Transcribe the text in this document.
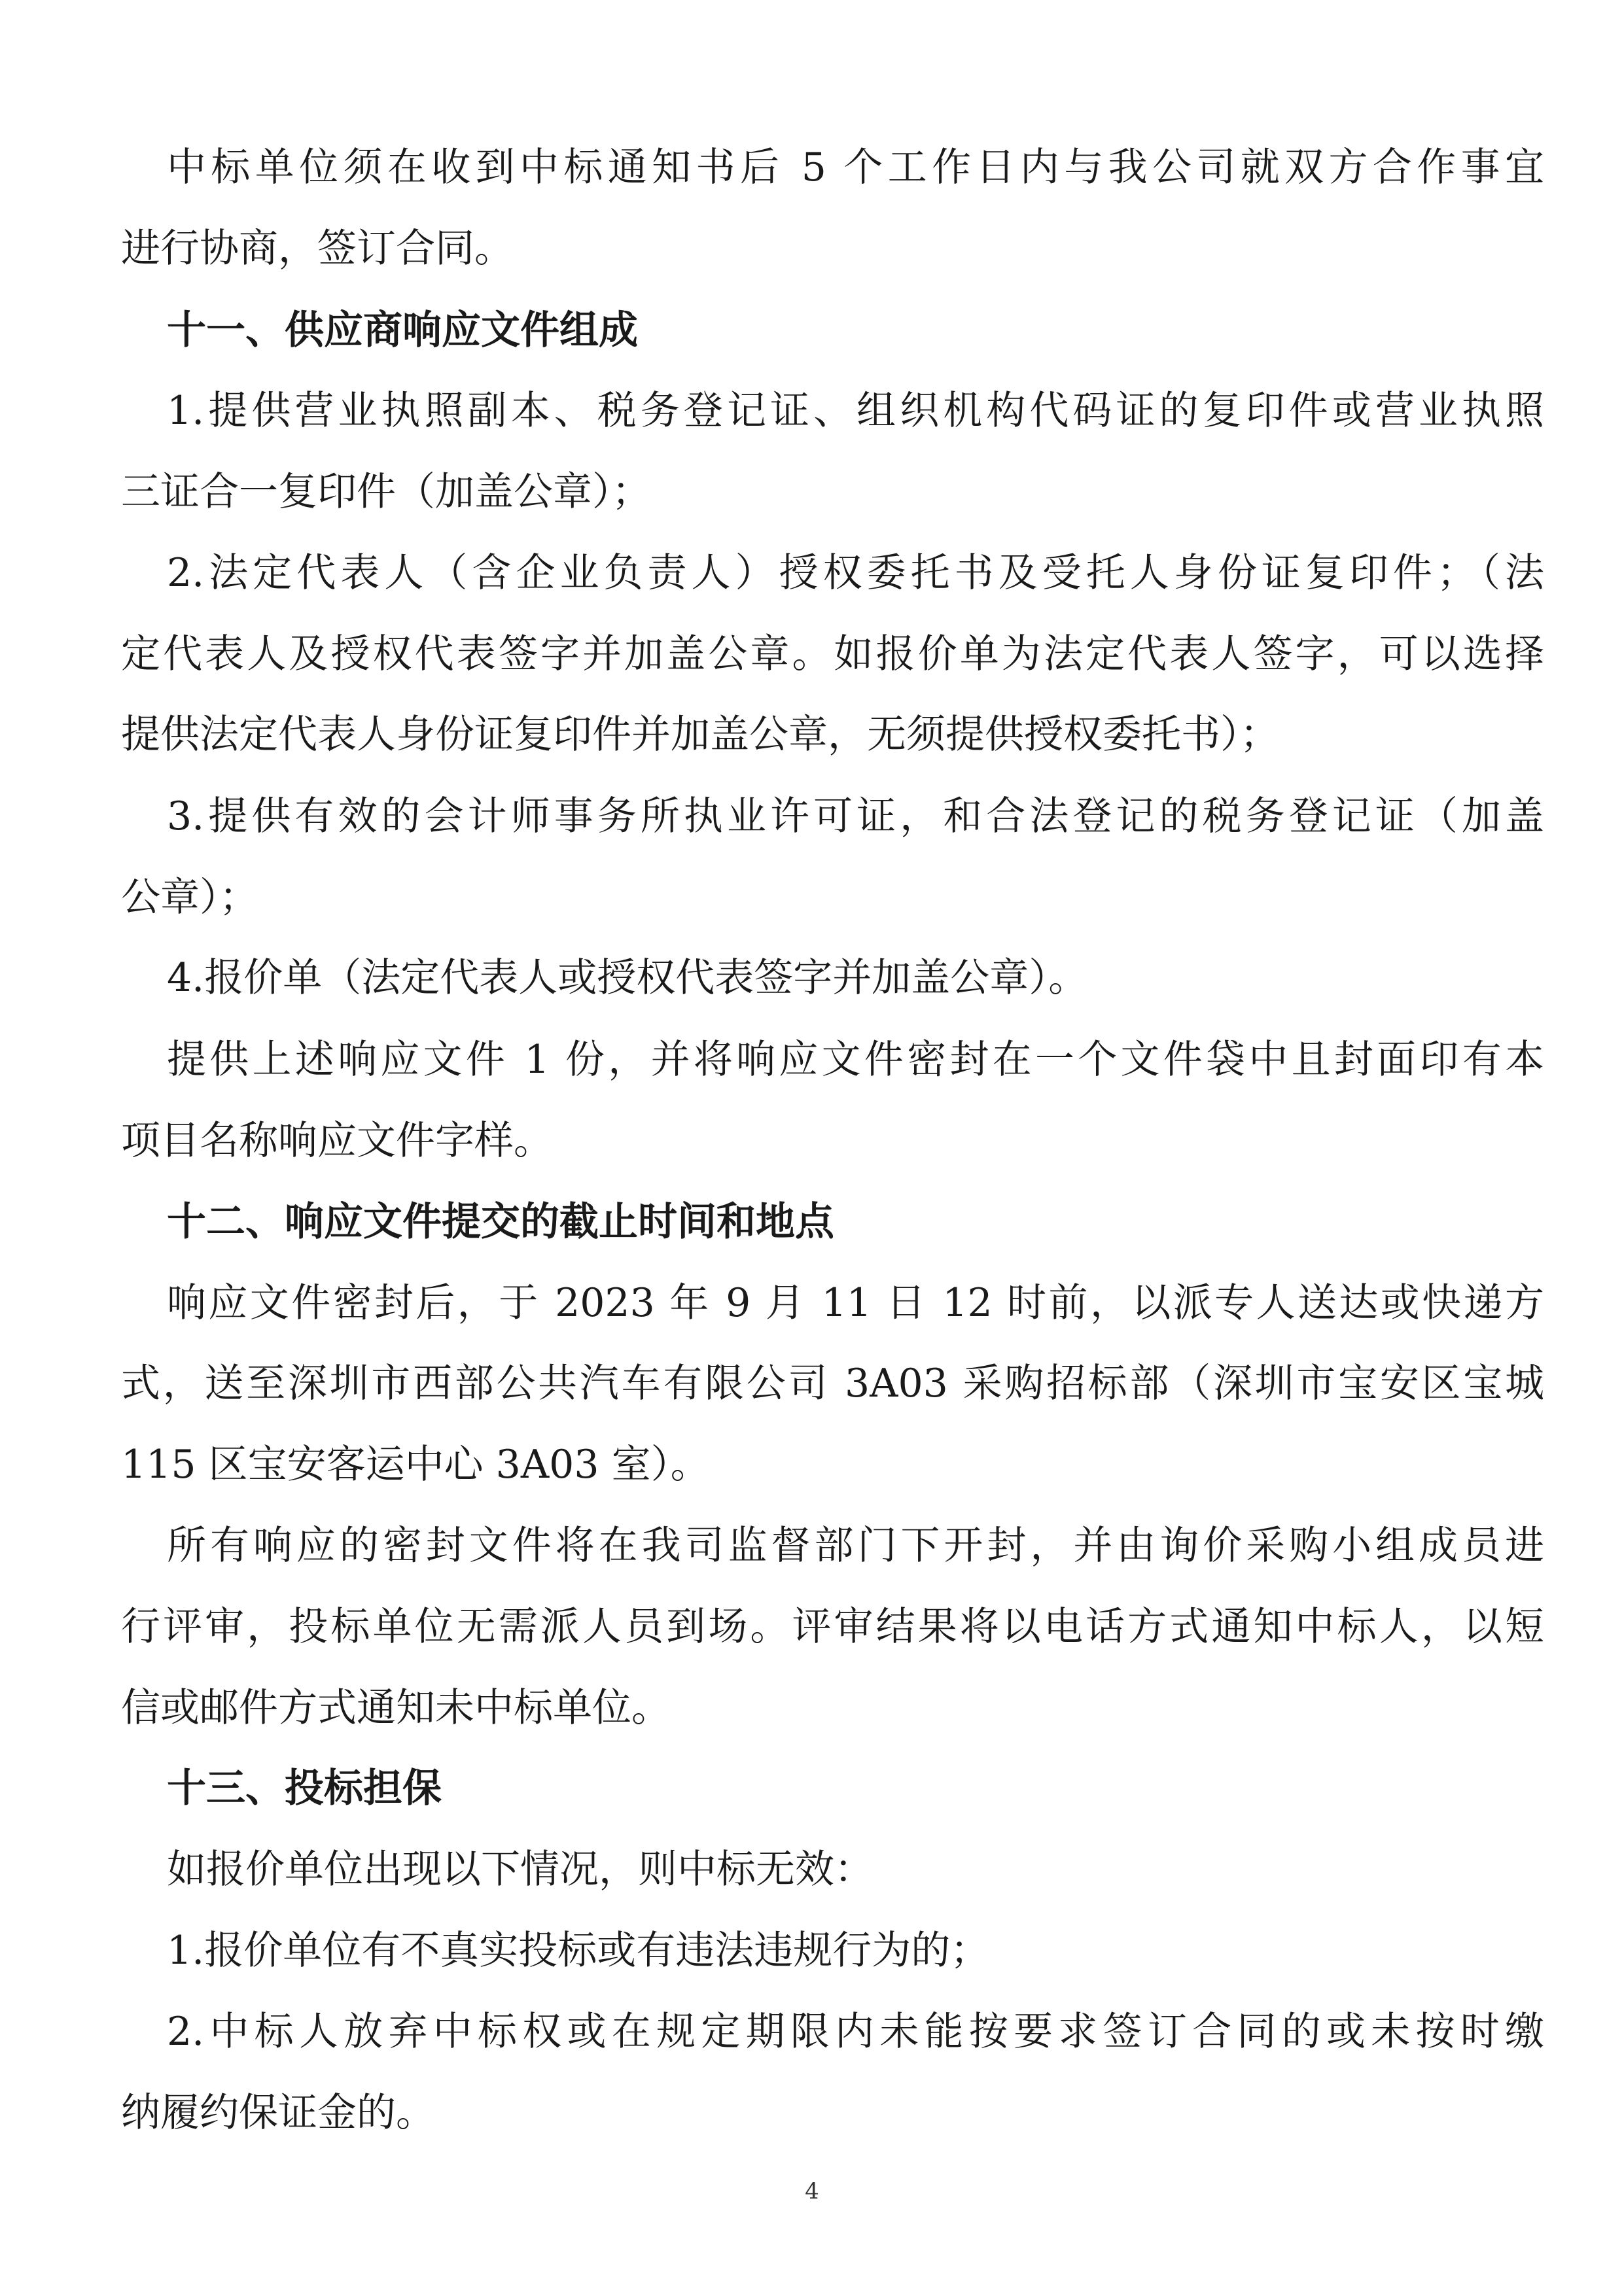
中标单位须在收到中标通知书后 5 个工作日内与我公司就双方合作事宜
进行协商，签订合同。
十一、供应商响应文件组成
1.提供营业执照副本、税务登记证、组织机构代码证的复印件或营业执照
三证合一复印件（加盖公章）；
2.法定代表人（含企业负责人）授权委托书及受托人身份证复印件；（法
定代表人及授权代表签字并加盖公章。如报价单为法定代表人签字，可以选择
提供法定代表人身份证复印件并加盖公章，无须提供授权委托书）；
3.提供有效的会计师事务所执业许可证，和合法登记的税务登记证（加盖
公章）；
4.报价单（法定代表人或授权代表签字并加盖公章）。
提供上述响应文件 1 份，并将响应文件密封在一个文件袋中且封面印有本
项目名称响应文件字样。
十二、响应文件提交的截止时间和地点
响应文件密封后，于 2023 年 9 月 11 日 12 时前，以派专人送达或快递方
式，送至深圳市西部公共汽车有限公司 3A03 采购招标部（深圳市宝安区宝城
115 区宝安客运中心 3A03 室）。
所有响应的密封文件将在我司监督部门下开封，并由询价采购小组成员进
行评审，投标单位无需派人员到场。评审结果将以电话方式通知中标人，以短
信或邮件方式通知未中标单位。
十三、投标担保
如报价单位出现以下情况，则中标无效：
1.报价单位有不真实投标或有违法违规行为的；
2.中标人放弃中标权或在规定期限内未能按要求签订合同的或未按时缴
纳履约保证金的。
4
